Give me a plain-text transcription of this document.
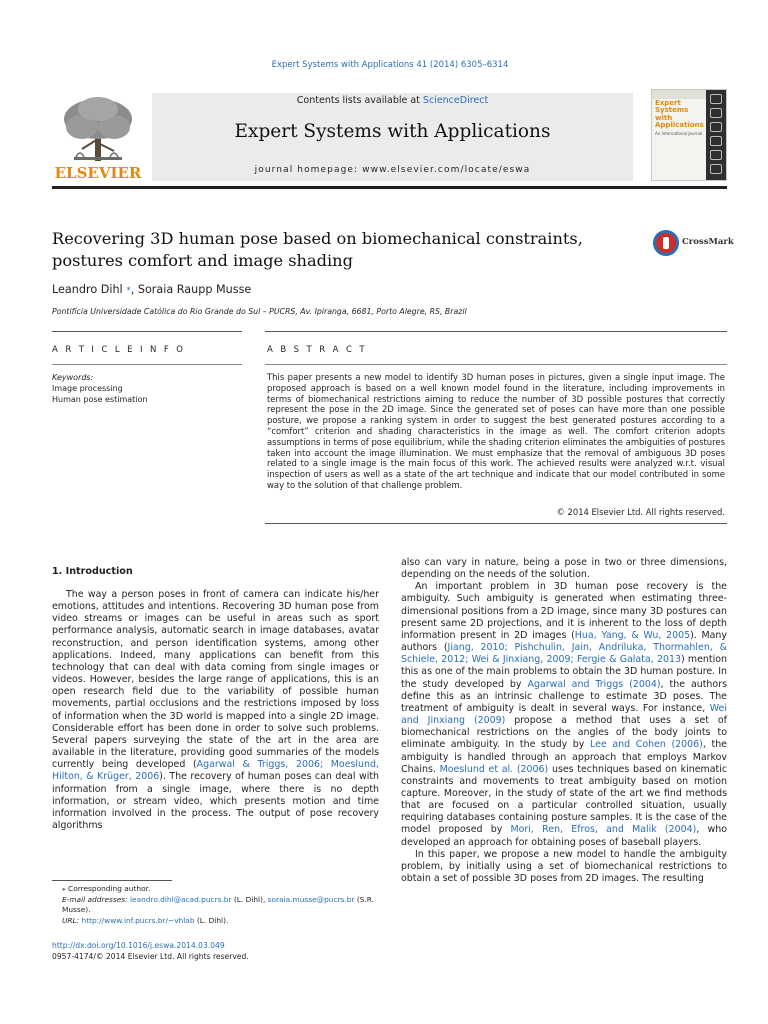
Expert Systems with Applications 41 (2014) 6305–6314
ELSEVIER
Contents lists available at ScienceDirect
Expert Systems with Applications
journal homepage: www.elsevier.com/locate/eswa
Expert
Systems
with
Applications
An International Journal
Recovering 3D human pose based on biomechanical constraints, postures comfort and image shading
CrossMark
Leandro Dihl ⁎, Soraia Raupp Musse
Pontifícia Universidade Católica do Rio Grande do Sul – PUCRS, Av. Ipiranga, 6681, Porto Alegre, RS, Brazil
A R T I C L E I N F O	A B S T R A C T
Keywords:
Image processing
Human pose estimation
This paper presents a new model to identify 3D human poses in pictures, given a single input image. The proposed approach is based on a well known model found in the literature, including improvements in terms of biomechanical restrictions aiming to reduce the number of 3D possible postures that correctly represent the pose in the 2D image. Since the generated set of poses can have more than one possible posture, we propose a ranking system in order to suggest the best generated postures according to a “comfort” criterion and shading characteristics in the image as well. The comfort criterion adopts assumptions in terms of pose equilibrium, while the shading criterion eliminates the ambiguities of postures taken into account the image illumination. We must emphasize that the removal of ambiguous 3D poses related to a single image is the main focus of this work. The achieved results were analyzed w.r.t. visual inspection of users as well as a state of the art technique and indicate that our model contributed in some way to the solution of that challenge problem.
© 2014 Elsevier Ltd. All rights reserved.
1. Introduction

The way a person poses in front of camera can indicate his/her emotions, attitudes and intentions. Recovering 3D human pose from video streams or images can be useful in areas such as sport performance analysis, automatic search in image databases, avatar reconstruction, and person identification systems, among other applications. Indeed, many applications can benefit from this technology that can deal with data coming from single images or videos. However, besides the large range of applications, this is an open research field due to the variability of possible human movements, partial occlusions and the restrictions imposed by loss of information when the 3D world is mapped into a single 2D image. Considerable effort has been done in order to solve such problems. Several papers surveying the state of the art in the area are available in the literature, providing good summaries of the models currently being developed (Agarwal & Triggs, 2006; Moeslund, Hilton, & Krüger, 2006). The recovery of human poses can deal with information from a single image, where there is no depth information, or stream video, which presents motion and time information involved in the process. The output of pose recovery algorithms

also can vary in nature, being a pose in two or three dimensions, depending on the needs of the solution.

An important problem in 3D human pose recovery is the ambiguity. Such ambiguity is generated when estimating three-dimensional positions from a 2D image, since many 3D postures can present same 2D projections, and it is inherent to the loss of depth information present in 2D images (Hua, Yang, & Wu, 2005). Many authors (Jiang, 2010; Pishchulin, Jain, Andriluka, Thormahlen, & Schiele, 2012; Wei & Jinxiang, 2009; Fergie & Galata, 2013) mention this as one of the main problems to obtain the 3D human posture. In the study developed by Agarwal and Triggs (2004), the authors define this as an intrinsic challenge to estimate 3D poses. The treatment of ambiguity is dealt in several ways. For instance, Wei and Jinxiang (2009) propose a method that uses a set of biomechanical restrictions on the angles of the body joints to eliminate ambiguity. In the study by Lee and Cohen (2006), the ambiguity is handled through an approach that employs Markov Chains. Moeslund et al. (2006) uses techniques based on kinematic constraints and movements to treat ambiguity based on motion capture. Moreover, in the study of state of the art we find methods that are focused on a particular controlled situation, usually requiring databases containing posture samples. It is the case of the model proposed by Mori, Ren, Efros, and Malik (2004), who developed an approach for obtaining poses of baseball players.

In this paper, we propose a new model to handle the ambiguity problem, by initially using a set of biomechanical restrictions to obtain a set of possible 3D poses from 2D images. The resulting

⁎ Corresponding author.
E-mail addresses: leandro.dihl@acad.pucrs.br (L. Dihl), soraia.musse@pucrs.br (S.R. Musse).
URL: http://www.inf.pucrs.br/~vhlab (L. Dihl).
http://dx.doi.org/10.1016/j.eswa.2014.03.049
0957-4174/© 2014 Elsevier Ltd. All rights reserved.
